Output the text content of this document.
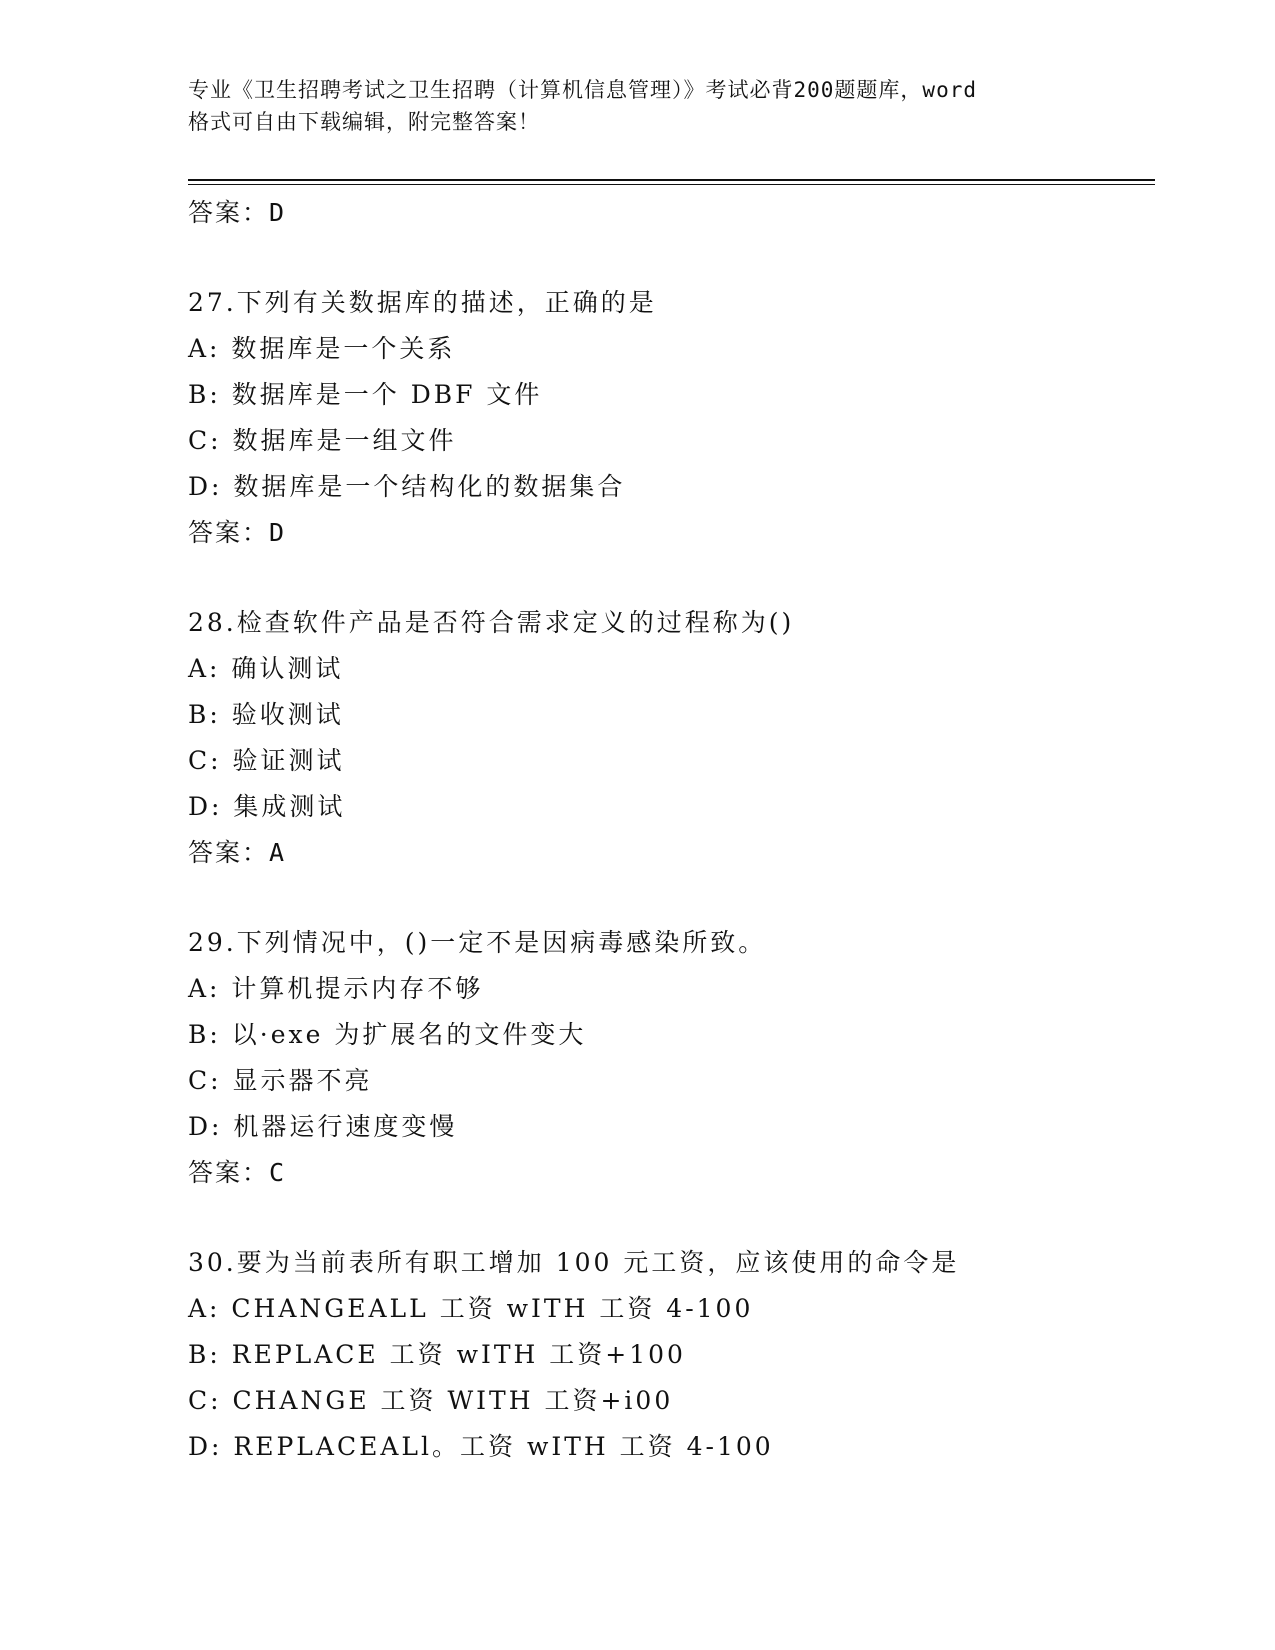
专业《卫生招聘考试之卫生招聘（计算机信息管理）》考试必背200题题库，word
格式可自由下载编辑，附完整答案！
答案：D
27.下列有关数据库的描述，正确的是
A: 数据库是一个关系
B: 数据库是一个 DBF 文件
C: 数据库是一组文件
D: 数据库是一个结构化的数据集合
答案：D
28.检查软件产品是否符合需求定义的过程称为()
A: 确认测试
B: 验收测试
C: 验证测试
D: 集成测试
答案：A
29.下列情况中，()一定不是因病毒感染所致。
A: 计算机提示内存不够
B: 以·exe 为扩展名的文件变大
C: 显示器不亮
D: 机器运行速度变慢
答案：C
30.要为当前表所有职工增加 100 元工资，应该使用的命令是
A: CHANGEALL 工资 wITH 工资 4-100
B: REPLACE 工资 wITH 工资+100
C: CHANGE 工资 WITH 工资+i00
D: REPLACEALl。工资 wITH 工资 4-100
